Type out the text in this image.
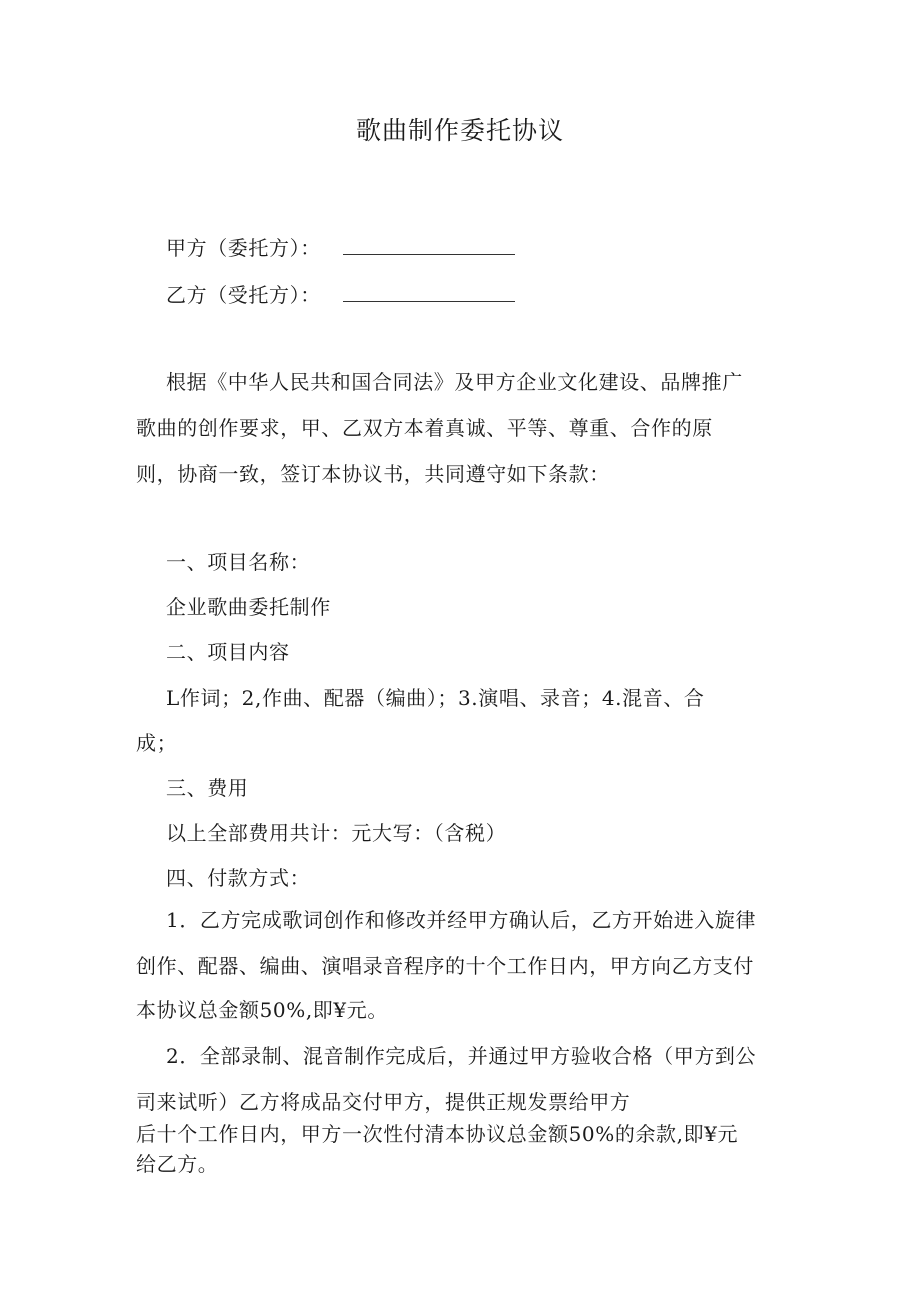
歌曲制作委托协议
甲方（委托方）：
乙方（受托方）：
根据《中华人民共和国合同法》及甲方企业文化建设、品牌推广
歌曲的创作要求，甲、乙双方本着真诚、平等、尊重、合作的原
则，协商一致，签订本协议书，共同遵守如下条款：
一、项目名称：
企业歌曲委托制作
二、项目内容
L作词；2,作曲、配器（编曲）；3.演唱、录音；4.混音、合
成；
三、费用
以上全部费用共计：元大写：（含税）
四、付款方式：
1．乙方完成歌词创作和修改并经甲方确认后，乙方开始进入旋律
创作、配器、编曲、演唱录音程序的十个工作日内，甲方向乙方支付
本协议总金额50%,即¥元。
2．全部录制、混音制作完成后，并通过甲方验收合格（甲方到公
司来试听）乙方将成品交付甲方，提供正规发票给甲方
后十个工作日内，甲方一次性付清本协议总金额50%的余款,即¥元
给乙方。
